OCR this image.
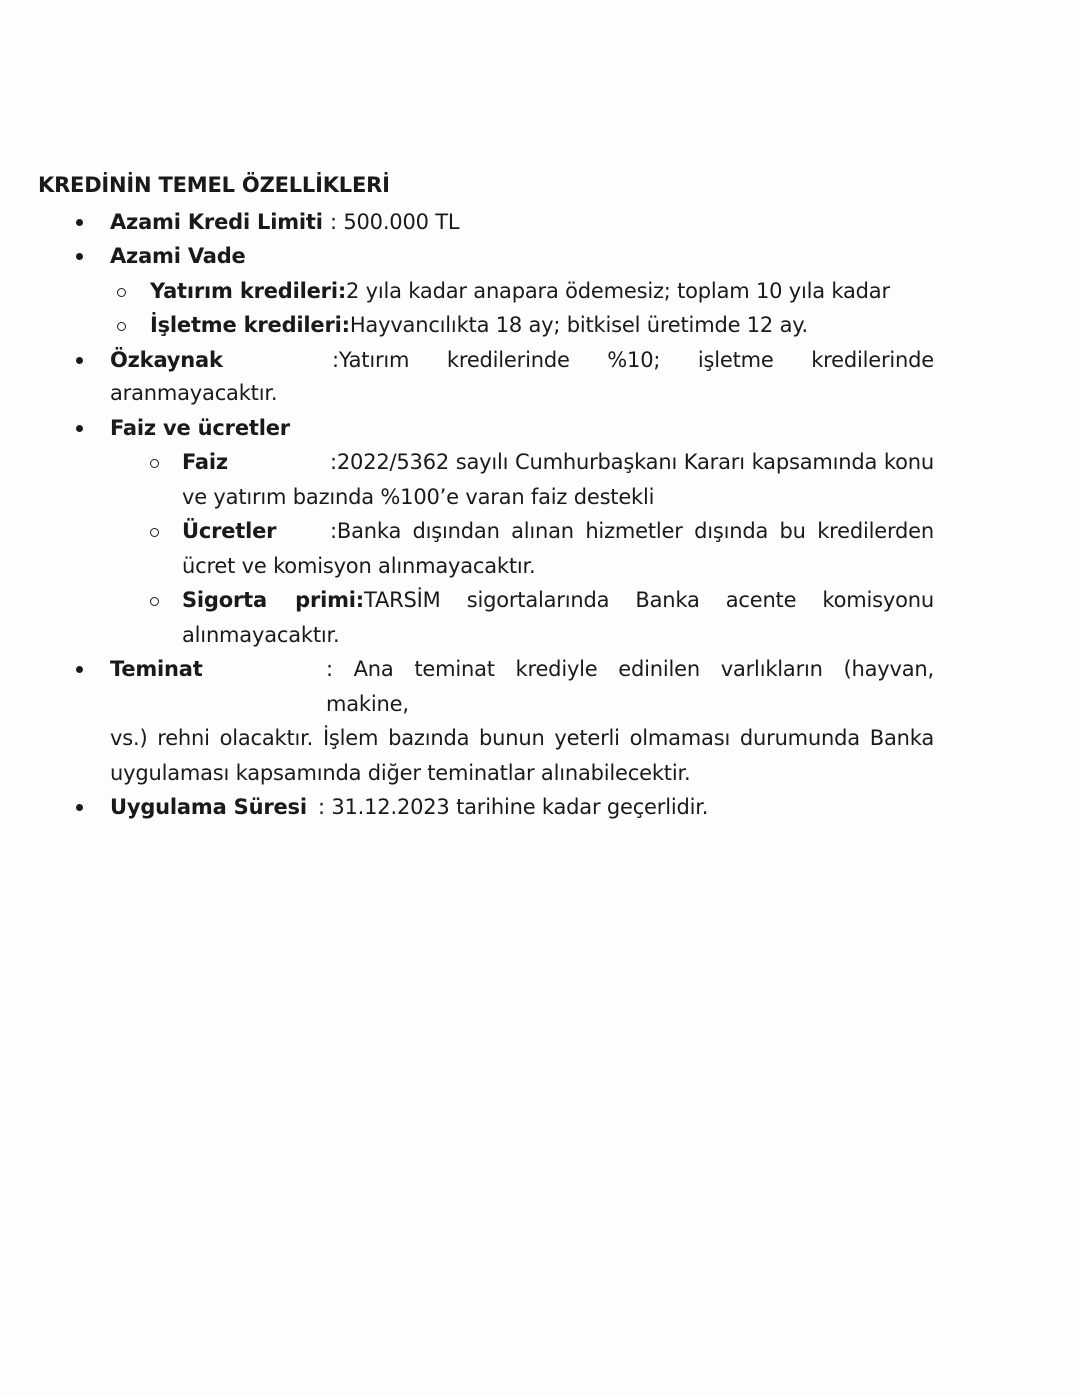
KREDİNİN TEMEL ÖZELLİKLERİ
Azami Kredi Limiti : 500.000 TL
Azami Vade
Yatırım kredileri:2 yıla kadar anapara ödemesiz; toplam 10 yıla kadar
İşletme kredileri:Hayvancılıkta 18 ay; bitkisel üretimde 12 ay.
Özkaynak	:Yatırım kredilerinde %10; işletme kredilerinde
aranmayacaktır.
Faiz ve ücretler
Faiz	:2022/5362 sayılı Cumhurbaşkanı Kararı kapsamında konu
ve yatırım bazında %100’e varan faiz destekli
Ücretler	:Banka dışından alınan hizmetler dışında bu kredilerden
ücret ve komisyon alınmayacaktır.
Sigorta primi: TARSİM sigortalarında Banka acente komisyonu
alınmayacaktır.
Teminat	: Ana teminat krediyle edinilen varlıkların (hayvan, makine,
vs.) rehni olacaktır. İşlem bazında bunun yeterli olmaması durumunda Banka
uygulaması kapsamında diğer teminatlar alınabilecektir.
Uygulama Süresi : 31.12.2023 tarihine kadar geçerlidir.
